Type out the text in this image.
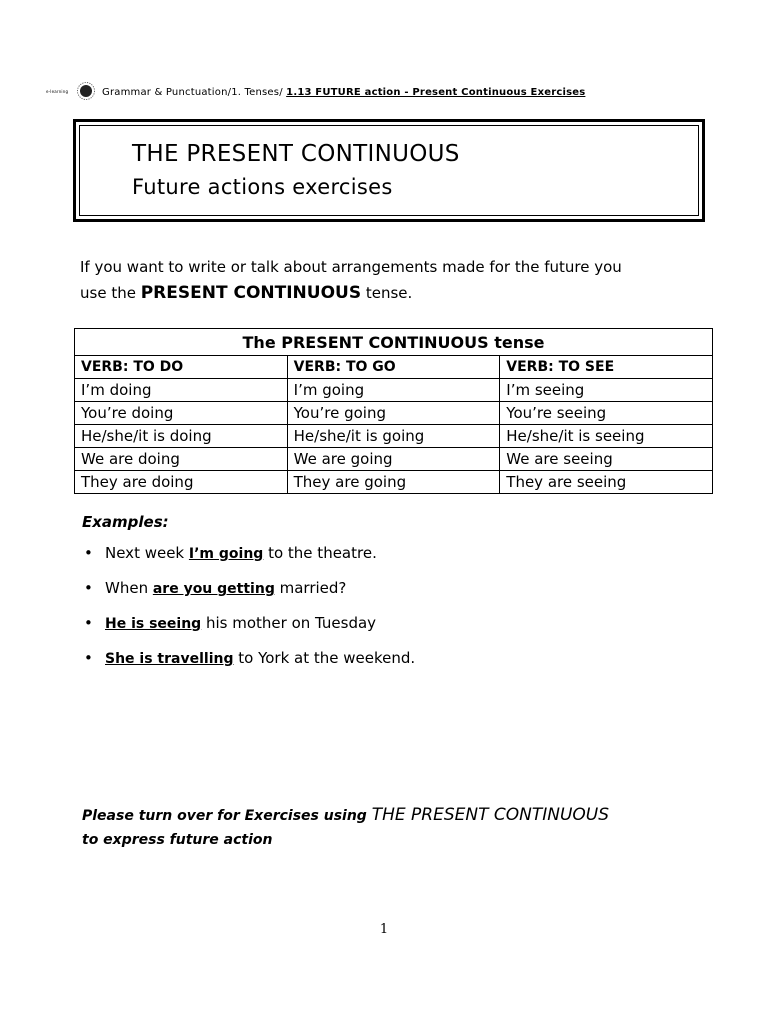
e-learning	Grammar & Punctuation/1. Tenses/ 1.13 FUTURE action - Present Continuous Exercises
THE PRESENT CONTINUOUS
Future actions exercises
If you want to write or talk about arrangements made for the future you
use the PRESENT CONTINUOUS tense.
The PRESENT CONTINUOUS tense		
VERB: TO DO	VERB: TO GO	VERB: TO SEE
I’m doing	I’m going	I’m seeing
You’re doing	You’re going	You’re seeing
He/she/it is doing	He/she/it is going	He/she/it is seeing
We are doing	We are going	We are seeing
They are doing	They are going	They are seeing
Examples:
• Next week I’m going to the theatre.
• When are you getting married?
• He is seeing his mother on Tuesday
• She is travelling to York at the weekend.
Please turn over for Exercises using THE PRESENT CONTINUOUS
to express future action
1
